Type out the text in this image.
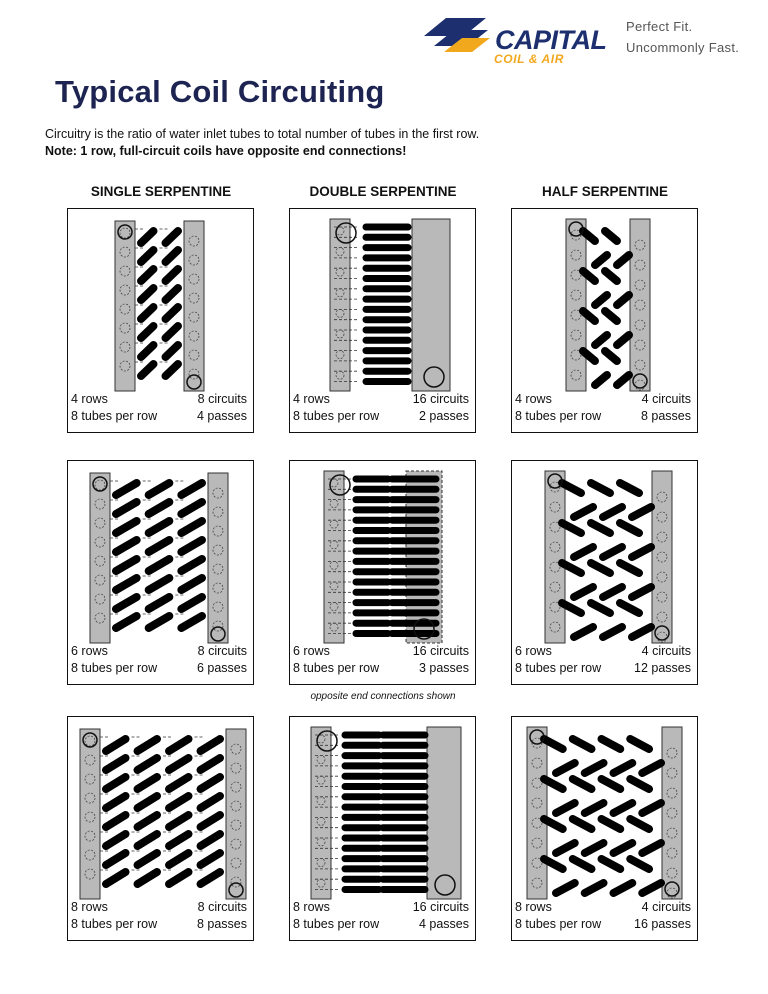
CAPITAL
COIL & AIR
Perfect Fit.
Uncommonly Fast.
Typical Coil Circuiting
Circuitry is the ratio of water inlet tubes to total number of tubes in the first row.
Note: 1 row, full-circuit coils have opposite end connections!
SINGLE SERPENTINE	DOUBLE SERPENTINE	HALF SERPENTINE
4 rows
8 tubes per row
8 circuits
4 passes
4 rows
8 tubes per row
16 circuits
2 passes
4 rows
8 tubes per row
4 circuits
8 passes
6 rows
8 tubes per row
8 circuits
6 passes
6 rows
8 tubes per row
16 circuits
3 passes
6 rows
8 tubes per row
4 circuits
12 passes
8 rows
8 tubes per row
8 circuits
8 passes
8 rows
8 tubes per row
16 circuits
4 passes
8 rows
8 tubes per row
4 circuits
16 passes
opposite end connections shown
